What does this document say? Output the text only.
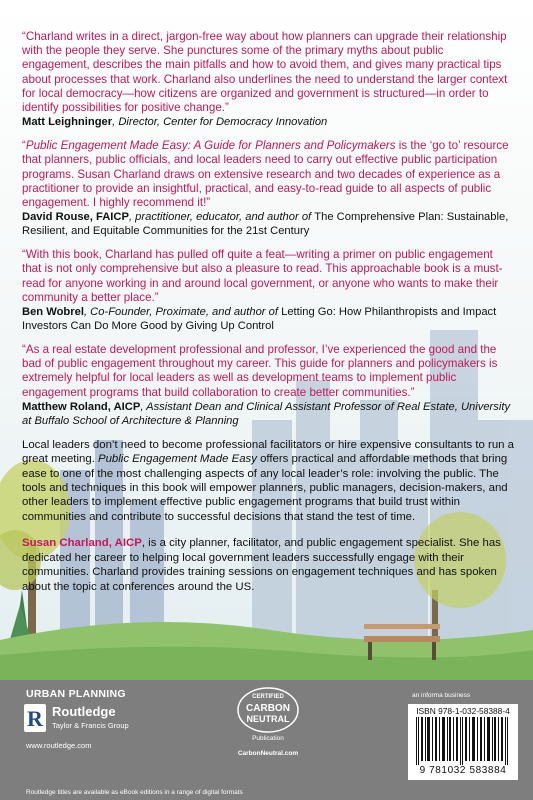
“Charland writes in a direct, jargon-free way about how planners can upgrade their relationship with the people they serve. She punctures some of the primary myths about public engagement, describes the main pitfalls and how to avoid them, and gives many practical tips about processes that work. Charland also underlines the need to understand the larger context for local democracy—how citizens are organized and government is structured—in order to identify possibilities for positive change.”

Matt Leighninger, Director, Center for Democracy Innovation

“Public Engagement Made Easy: A Guide for Planners and Policymakers is the ‘go to’ resource that planners, public officials, and local leaders need to carry out effective public participation programs. Susan Charland draws on extensive research and two decades of experience as a practitioner to provide an insightful, practical, and easy-to-read guide to all aspects of public engagement. I highly recommend it!”

David Rouse, FAICP, practitioner, educator, and author of The Comprehensive Plan: Sustainable, Resilient, and Equitable Communities for the 21st Century

“With this book, Charland has pulled off quite a feat—writing a primer on public engagement that is not only comprehensive but also a pleasure to read. This approachable book is a must-read for anyone working in and around local government, or anyone who wants to make their community a better place.”

Ben Wobrel, Co-Founder, Proximate, and author of Letting Go: How Philanthropists and Impact Investors Can Do More Good by Giving Up Control

“As a real estate development professional and professor, I’ve experienced the good and the bad of public engagement throughout my career. This guide for planners and policymakers is extremely helpful for local leaders as well as development teams to implement public engagement programs that build collaboration to create better communities.”

Matthew Roland, AICP, Assistant Dean and Clinical Assistant Professor of Real Estate, University at Buffalo School of Architecture & Planning

Local leaders don’t need to become professional facilitators or hire expensive consultants to run a great meeting. Public Engagement Made Easy offers practical and affordable methods that bring ease to one of the most challenging aspects of any local leader’s role: involving the public. The tools and techniques in this book will empower planners, public managers, decision-makers, and other leaders to implement effective public engagement programs that build trust within communities and contribute to successful decisions that stand the test of time.

Susan Charland, AICP, is a city planner, facilitator, and public engagement specialist. She has dedicated her career to helping local government leaders successfully engage with their communities. Charland provides training sessions on engagement techniques and has spoken about the topic at conferences around the US.

URBAN PLANNING
R Routledge
Taylor & Francis Group
www.routledge.com
CERTIFIED
CARBON
NEUTRAL
Publication
CarbonNeutral.com
an informa business
ISBN 978-1-032-58388-4
9 781032 583884
Routledge titles are available as eBook editions in a range of digital formats
